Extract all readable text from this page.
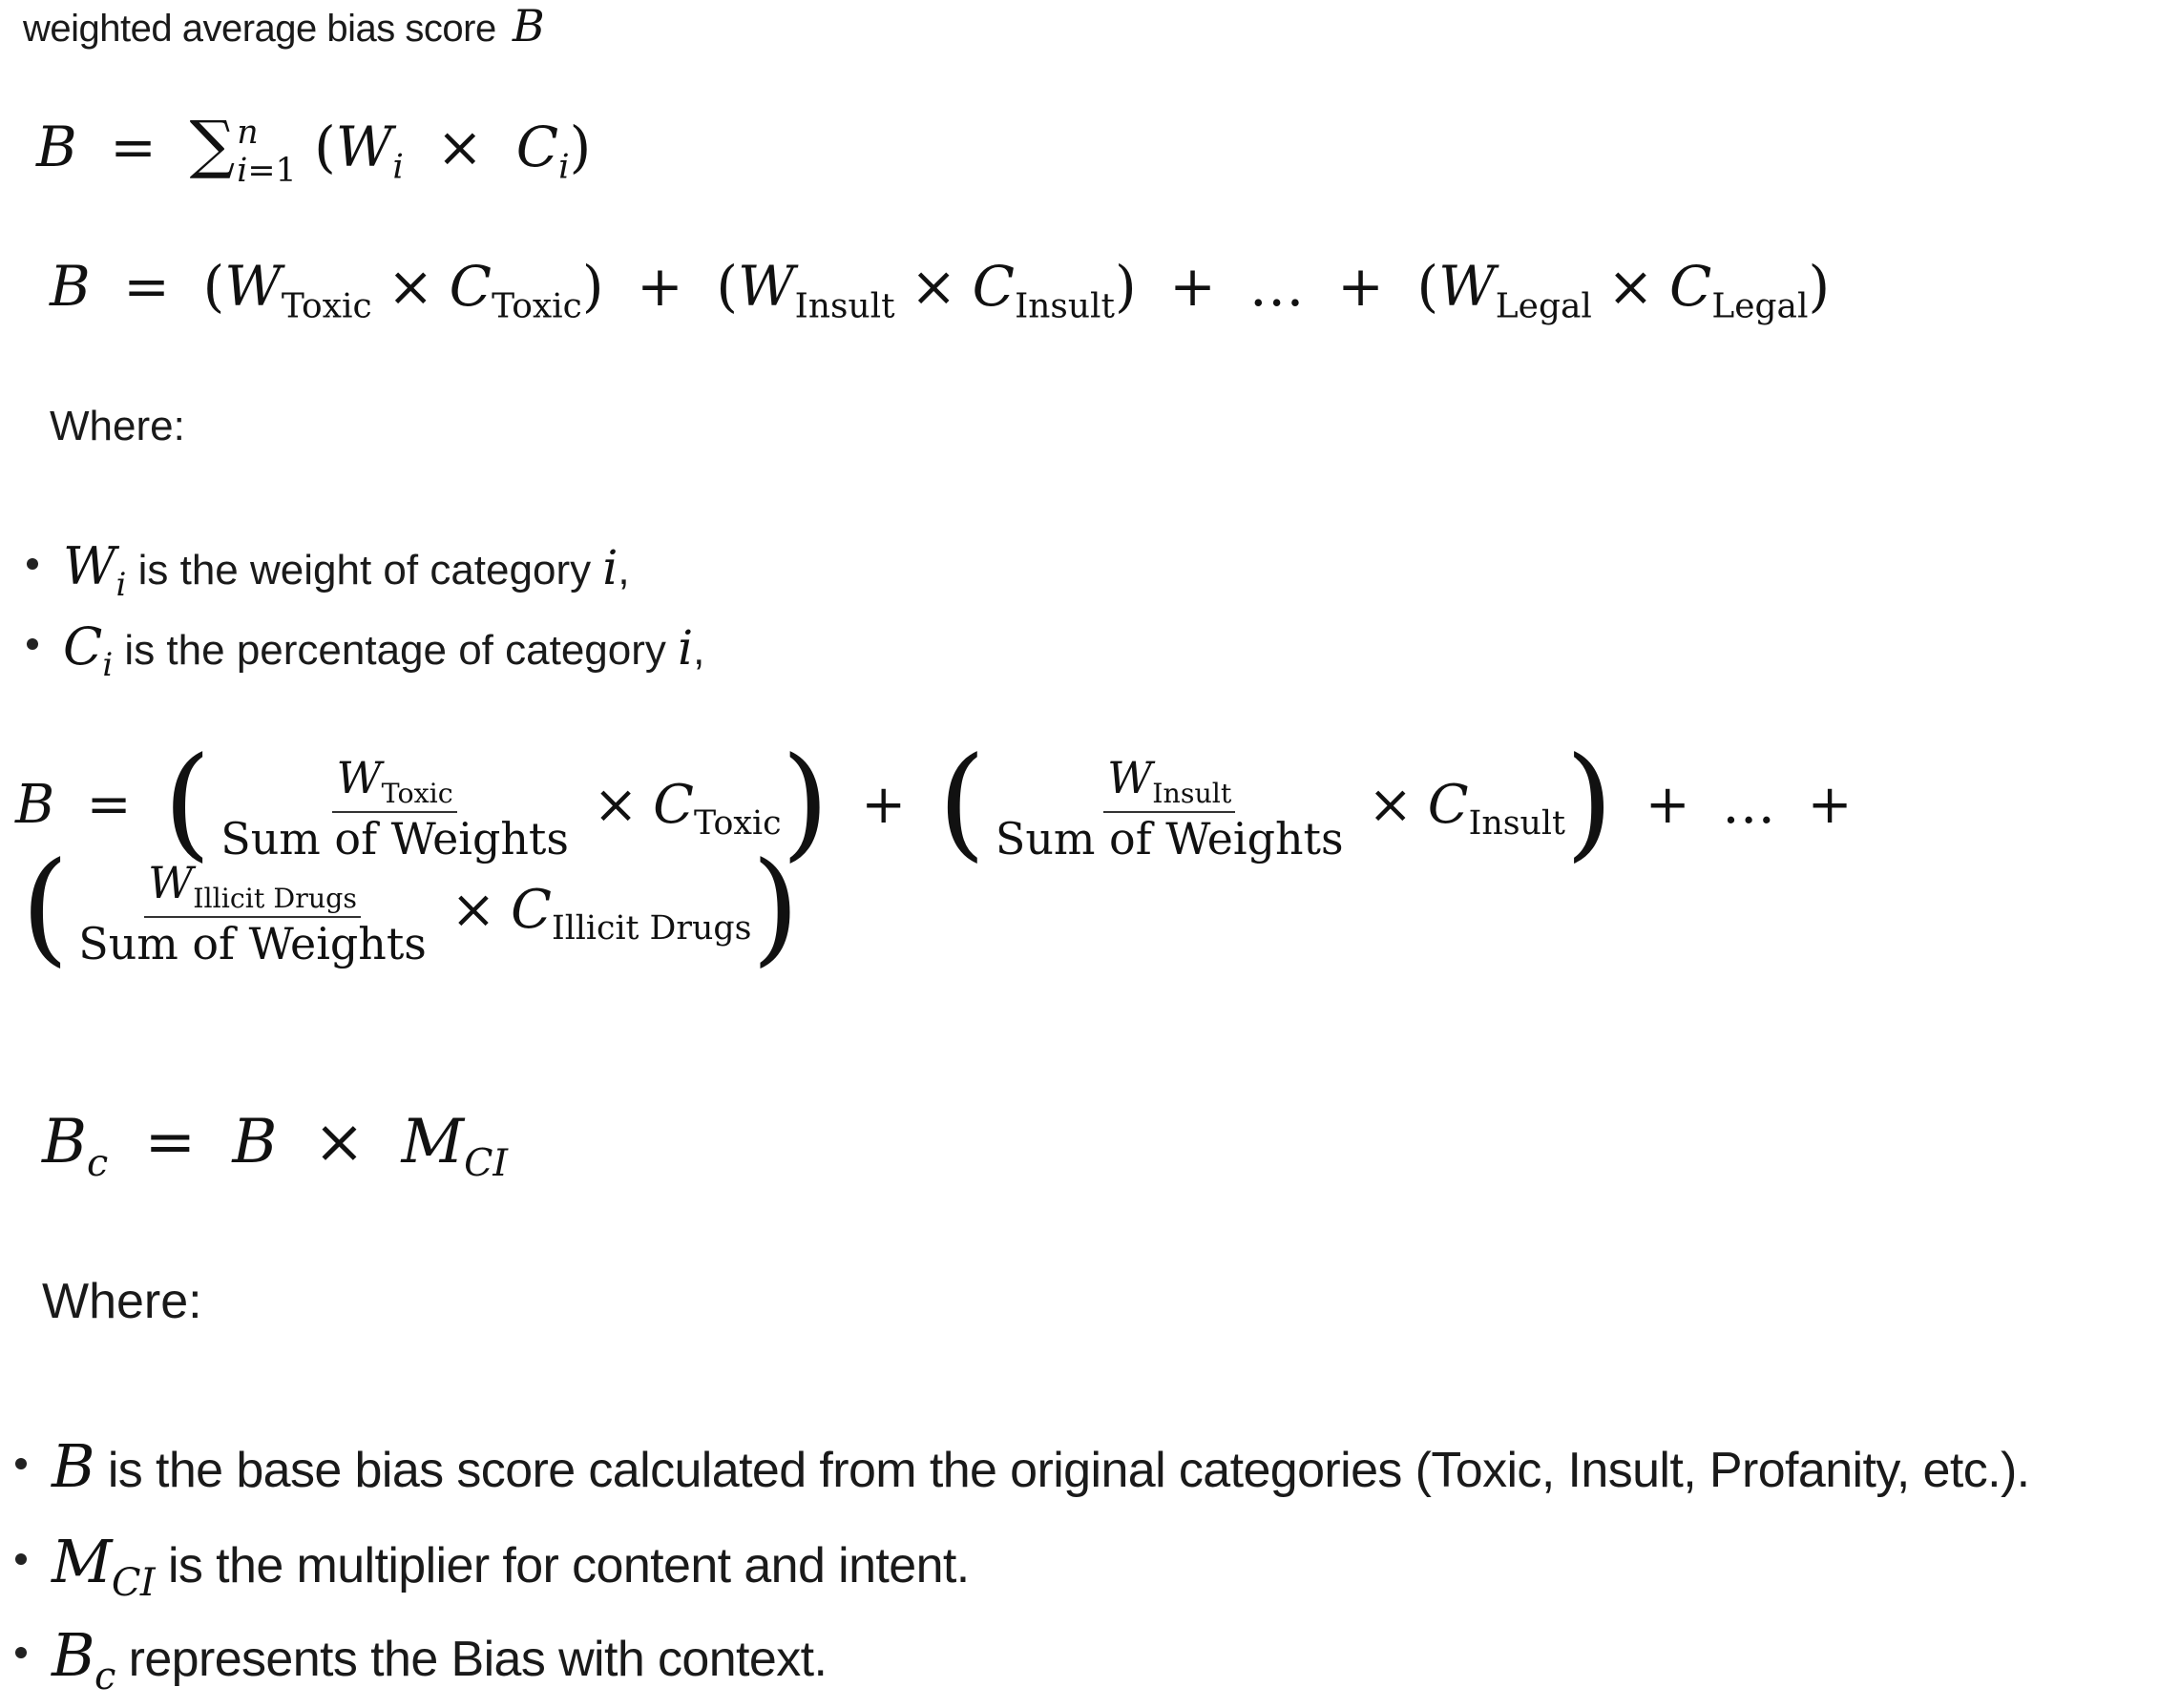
weighted average bias score B
B = ∑ n
i=1 $(W_i \times C_i)$
$B = (W_{Toxic} \times C_{Toxic}) + (W_{Insult} \times C_{Insult})$ + … + $(W_{Legal} \times C_{Legal})$
Where:
$W_i$ is the weight of category i,
$C_i$ is the percentage of category i,
B = ( $\frac{W_{Toxic}}{\text{Sum of Weights}} \times C_{Toxic}$) + ( $\frac{W_{Insult}}{\text{Sum of Weights}} \times C_{Insult}$) + … +
( $\frac{W_{Illicit Drugs}}{\text{Sum of Weights}} \times C_{Illicit Drugs}$)
$B_c = B \times M_{CI}$
Where:
B is the base bias score calculated from the original categories (Toxic, Insult, Profanity, etc.).
$M_{CI}$ is the multiplier for content and intent.
$B_c$ represents the Bias with context.
